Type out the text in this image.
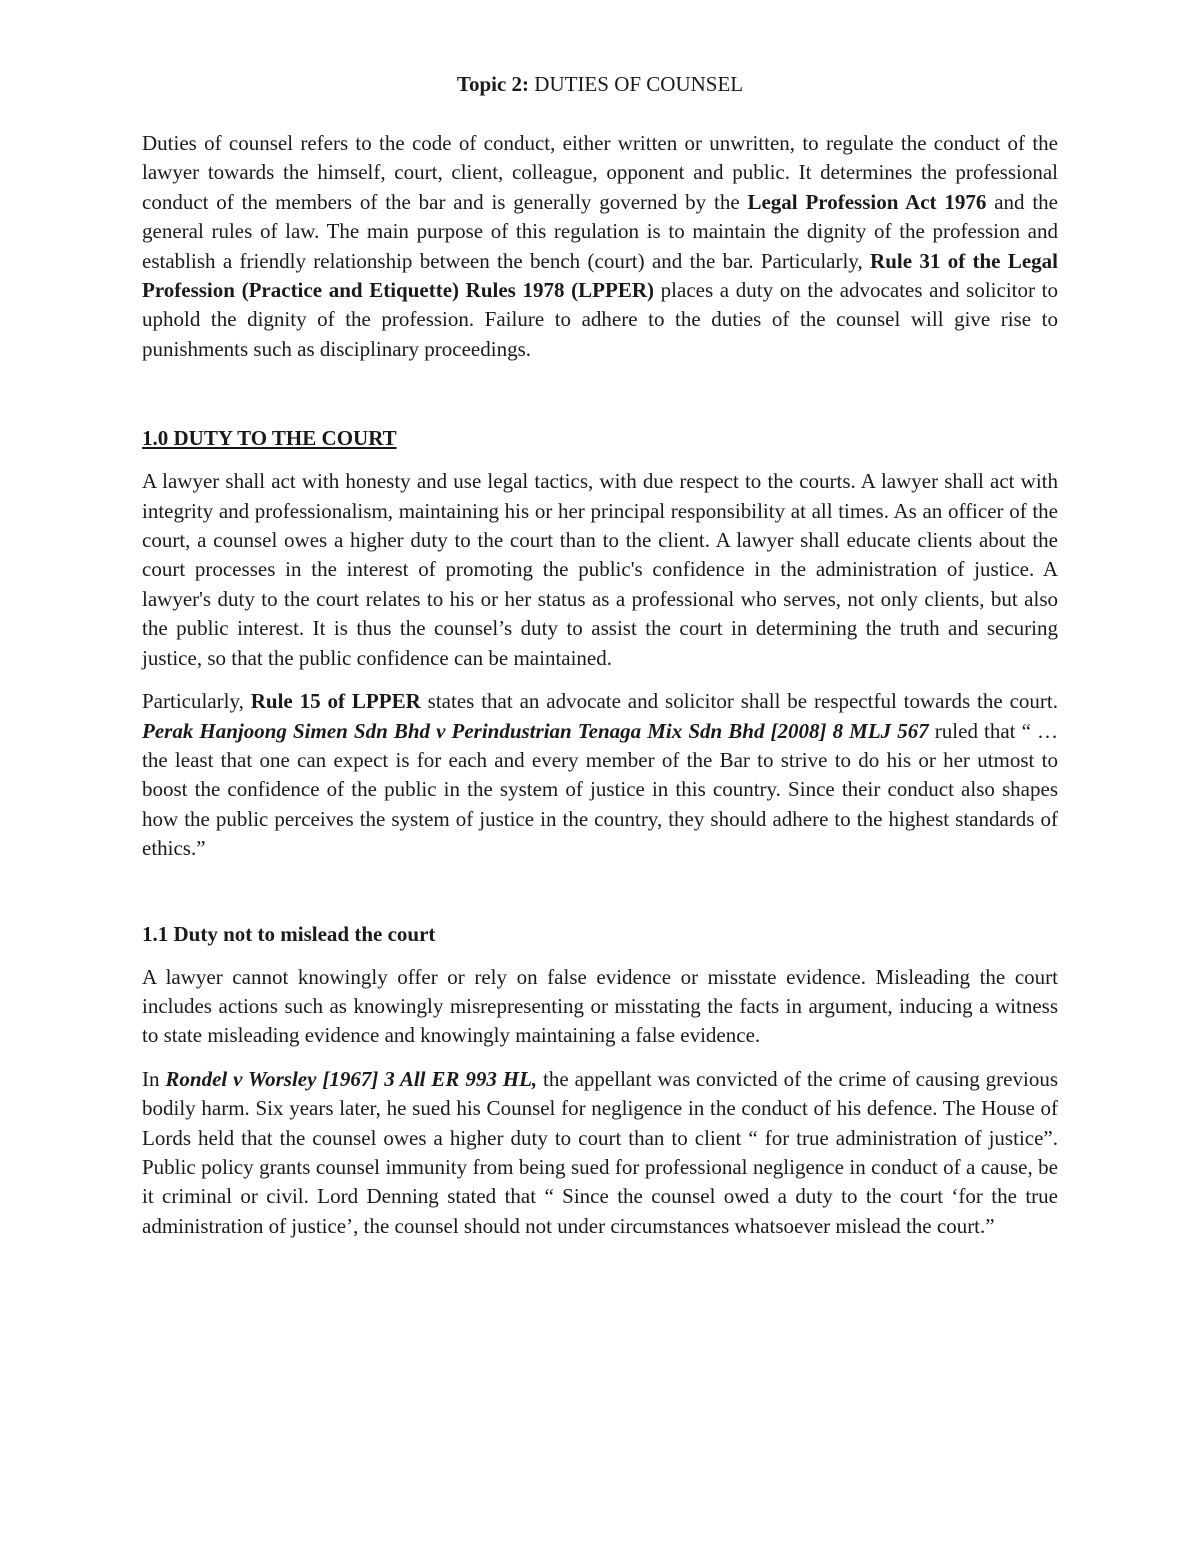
Topic 2: DUTIES OF COUNSEL

Duties of counsel refers to the code of conduct, either written or unwritten, to regulate the conduct of the lawyer towards the himself, court, client, colleague, opponent and public. It determines the professional conduct of the members of the bar and is generally governed by the Legal Profession Act 1976 and the general rules of law. The main purpose of this regulation is to maintain the dignity of the profession and establish a friendly relationship between the bench (court) and the bar. Particularly, Rule 31 of the Legal Profession (Practice and Etiquette) Rules 1978 (LPPER) places a duty on the advocates and solicitor to uphold the dignity of the profession. Failure to adhere to the duties of the counsel will give rise to punishments such as disciplinary proceedings.

1.0 DUTY TO THE COURT

A lawyer shall act with honesty and use legal tactics, with due respect to the courts. A lawyer shall act with integrity and professionalism, maintaining his or her principal responsibility at all times. As an officer of the court, a counsel owes a higher duty to the court than to the client. A lawyer shall educate clients about the court processes in the interest of promoting the public's confidence in the administration of justice. A lawyer's duty to the court relates to his or her status as a professional who serves, not only clients, but also the public interest. It is thus the counsel’s duty to assist the court in determining the truth and securing justice, so that the public confidence can be maintained.

Particularly, Rule 15 of LPPER states that an advocate and solicitor shall be respectful towards the court. Perak Hanjoong Simen Sdn Bhd v Perindustrian Tenaga Mix Sdn Bhd [2008] 8 MLJ 567 ruled that “ …the least that one can expect is for each and every member of the Bar to strive to do his or her utmost to boost the confidence of the public in the system of justice in this country. Since their conduct also shapes how the public perceives the system of justice in the country, they should adhere to the highest standards of ethics.”

1.1 Duty not to mislead the court

A lawyer cannot knowingly offer or rely on false evidence or misstate evidence. Misleading the court includes actions such as knowingly misrepresenting or misstating the facts in argument, inducing a witness to state misleading evidence and knowingly maintaining a false evidence.

In Rondel v Worsley [1967] 3 All ER 993 HL, the appellant was convicted of the crime of causing grevious bodily harm. Six years later, he sued his Counsel for negligence in the conduct of his defence. The House of Lords held that the counsel owes a higher duty to court than to client “ for true administration of justice”. Public policy grants counsel immunity from being sued for professional negligence in conduct of a cause, be it criminal or civil. Lord Denning stated that “ Since the counsel owed a duty to the court ‘for the true administration of justice’, the counsel should not under circumstances whatsoever mislead the court.”
